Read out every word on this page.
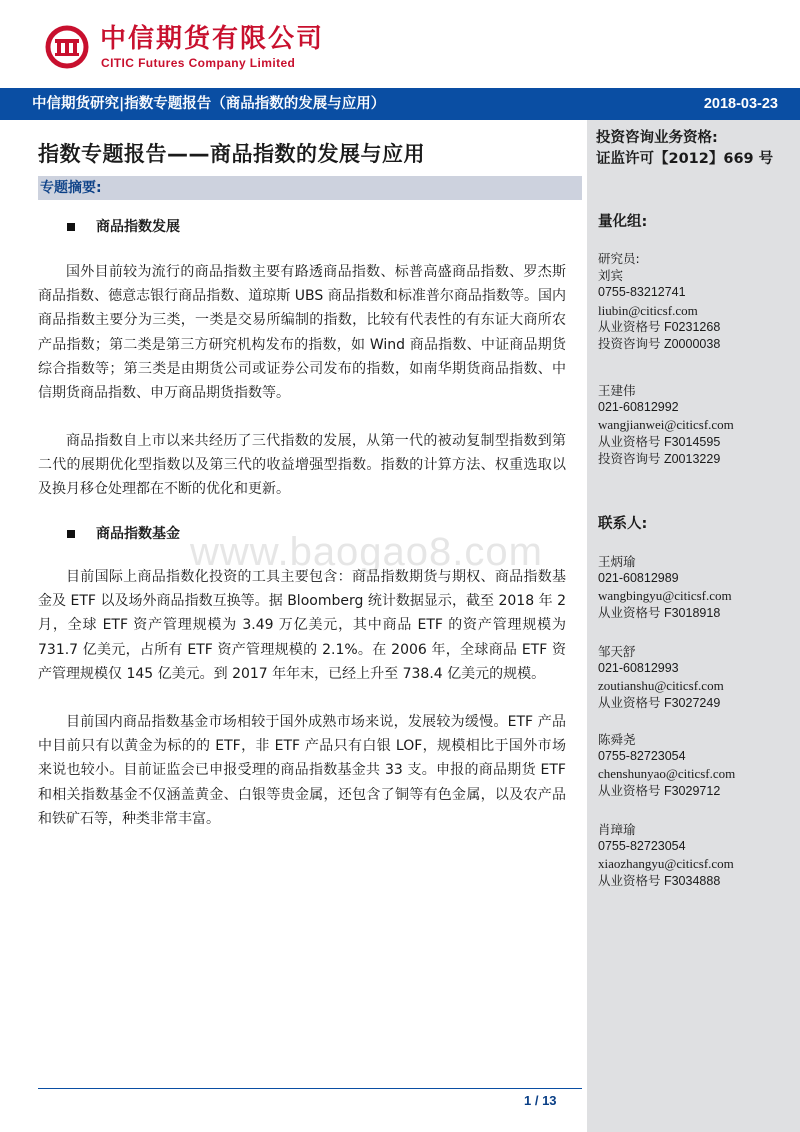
中信期货有限公司
CITIC Futures Company Limited
中信期货研究|指数专题报告（商品指数的发展与应用）	2018-03-23
投资咨询业务资格:
证监许可【2012】669 号
量化组:
研究员:
刘宾
0755-83212741
liubin@citicsf.com
从业资格号 F0231268
投资咨询号 Z0000038
王建伟
021-60812992
wangjianwei@citicsf.com
从业资格号 F3014595
投资咨询号 Z0013229
联系人:
王炳瑜
021-60812989
wangbingyu@citicsf.com
从业资格号 F3018918
邹天舒
021-60812993
zoutianshu@citicsf.com
从业资格号 F3027249
陈舜尧
0755-82723054
chenshunyao@citicsf.com
从业资格号 F3029712
肖璋瑜
0755-82723054
xiaozhangyu@citicsf.com
从业资格号 F3034888
指数专题报告——商品指数的发展与应用
专题摘要:
www.baogao8.com
商品指数发展
国外目前较为流行的商品指数主要有路透商品指数、标普高盛商品指数、罗杰斯商品指数、德意志银行商品指数、道琼斯 UBS 商品指数和标准普尔商品指数等。国内商品指数主要分为三类，一类是交易所编制的指数，比较有代表性的有东证大商所农产品指数；第二类是第三方研究机构发布的指数，如 Wind 商品指数、中证商品期货综合指数等；第三类是由期货公司或证券公司发布的指数，如南华期货商品指数、中信期货商品指数、申万商品期货指数等。
商品指数自上市以来共经历了三代指数的发展，从第一代的被动复制型指数到第二代的展期优化型指数以及第三代的收益增强型指数。指数的计算方法、权重选取以及换月移仓处理都在不断的优化和更新。
商品指数基金
目前国际上商品指数化投资的工具主要包含：商品指数期货与期权、商品指数基金及 ETF 以及场外商品指数互换等。据 Bloomberg 统计数据显示，截至 2018 年 2 月，全球 ETF 资产管理规模为 3.49 万亿美元，其中商品 ETF 的资产管理规模为 731.7 亿美元，占所有 ETF 资产管理规模的 2.1%。在 2006 年，全球商品 ETF 资产管理规模仅 145 亿美元。到 2017 年年末，已经上升至 738.4 亿美元的规模。
目前国内商品指数基金市场相较于国外成熟市场来说，发展较为缓慢。ETF 产品中目前只有以黄金为标的的 ETF，非 ETF 产品只有白银 LOF，规模相比于国外市场来说也较小。目前证监会已申报受理的商品指数基金共 33 支。申报的商品期货 ETF 和相关指数基金不仅涵盖黄金、白银等贵金属，还包含了铜等有色金属，以及农产品和铁矿石等，种类非常丰富。
1 / 13
